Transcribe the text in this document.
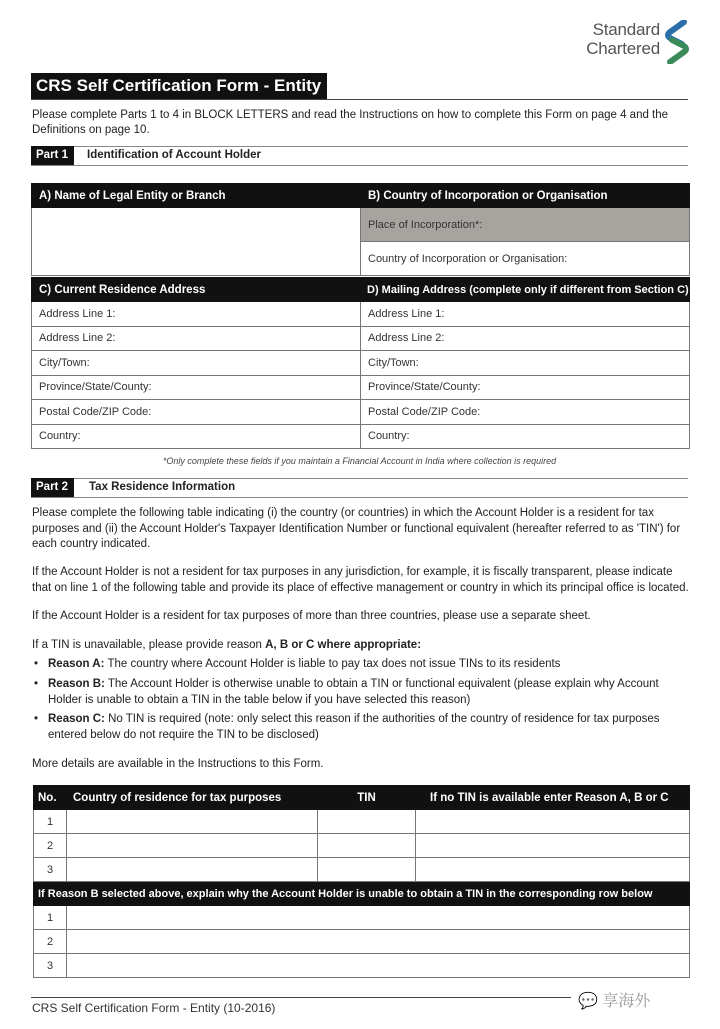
Standard
Chartered
CRS Self Certification Form - Entity
Please complete Parts 1 to 4 in BLOCK LETTERS and read the Instructions on how to complete this Form on page 4 and the Definitions on page 10.
Part 1	Identification of Account Holder
A) Name of Legal Entity or Branch	B) Country of Incorporation or Organisation
	Place of Incorporation*:
	Country of Incorporation or Organisation:
C) Current Residence Address	D) Mailing Address (complete only if different from Section C)
Address Line 1:	Address Line 1:
Address Line 2:	Address Line 2:
City/Town:	City/Town:
Province/State/County:	Province/State/County:
Postal Code/ZIP Code:	Postal Code/ZIP Code:
Country:	Country:
*Only complete these fields if you maintain a Financial Account in India where collection is required
Part 2	Tax Residence Information
Please complete the following table indicating (i) the country (or countries) in which the Account Holder is a resident for tax purposes and (ii) the Account Holder's Taxpayer Identification Number or functional equivalent (hereafter referred to as 'TIN') for each country indicated.
If the Account Holder is not a resident for tax purposes in any jurisdiction, for example, it is fiscally transparent, please indicate that on line 1 of the following table and provide its place of effective management or country in which its principal office is located.
If the Account Holder is a resident for tax purposes of more than three countries, please use a separate sheet.
If a TIN is unavailable, please provide reason A, B or C where appropriate:
• Reason A: The country where Account Holder is liable to pay tax does not issue TINs to its residents
• Reason B: The Account Holder is otherwise unable to obtain a TIN or functional equivalent (please explain why Account Holder is unable to obtain a TIN in the table below if you have selected this reason)
• Reason C: No TIN is required (note: only select this reason if the authorities of the country of residence for tax purposes entered below do not require the TIN to be disclosed)
More details are available in the Instructions to this Form.
No.	Country of residence for tax purposes	TIN	If no TIN is available enter Reason A, B or C
1			
2			
3			
If Reason B selected above, explain why the Account Holder is unable to obtain a TIN in the corresponding row below			
1			
2			
3			
CRS Self Certification Form - Entity (10-2016)	💬 享海外
